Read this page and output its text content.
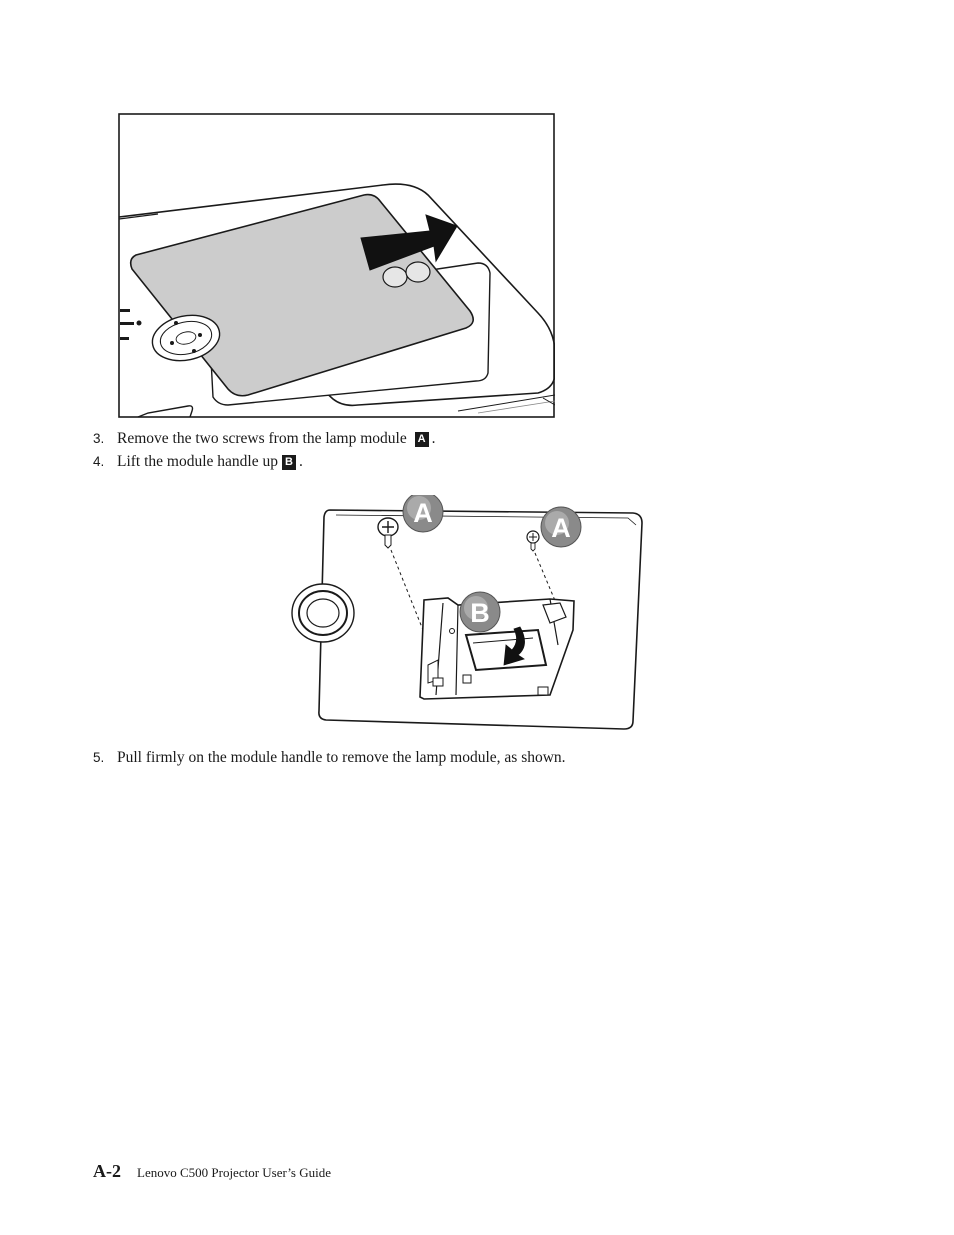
A	A
B
3. Remove the two screws from the lamp module A .
4. Lift the module handle up B .
5. Pull firmly on the module handle to remove the lamp module, as shown.
A-2 Lenovo C500 Projector User’s Guide
